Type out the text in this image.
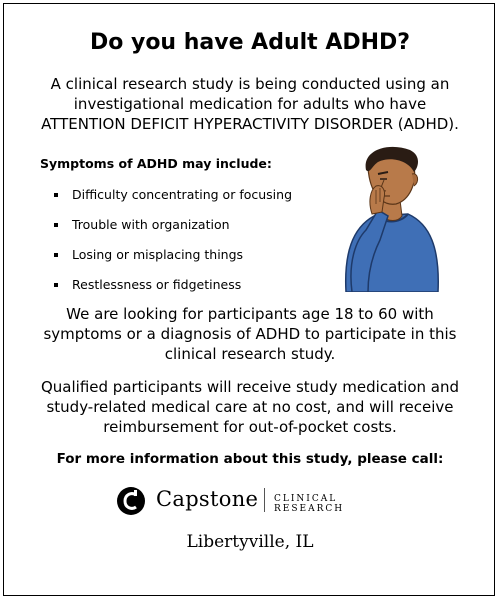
Do you have Adult ADHD?
A clinical research study is being conducted using an
investigational medication for adults who have
ATTENTION DEFICIT HYPERACTIVITY DISORDER (ADHD).
Symptoms of ADHD may include:
Difficulty concentrating or focusing
Trouble with organization
Losing or misplacing things
Restlessness or fidgetiness
We are looking for participants age 18 to 60 with
symptoms or a diagnosis of ADHD to participate in this
clinical research study.
Qualified participants will receive study medication and
study-related medical care at no cost, and will receive
reimbursement for out-of-pocket costs.
For more information about this study, please call:
Capstone CLINICAL RESEARCH
Libertyville, IL
